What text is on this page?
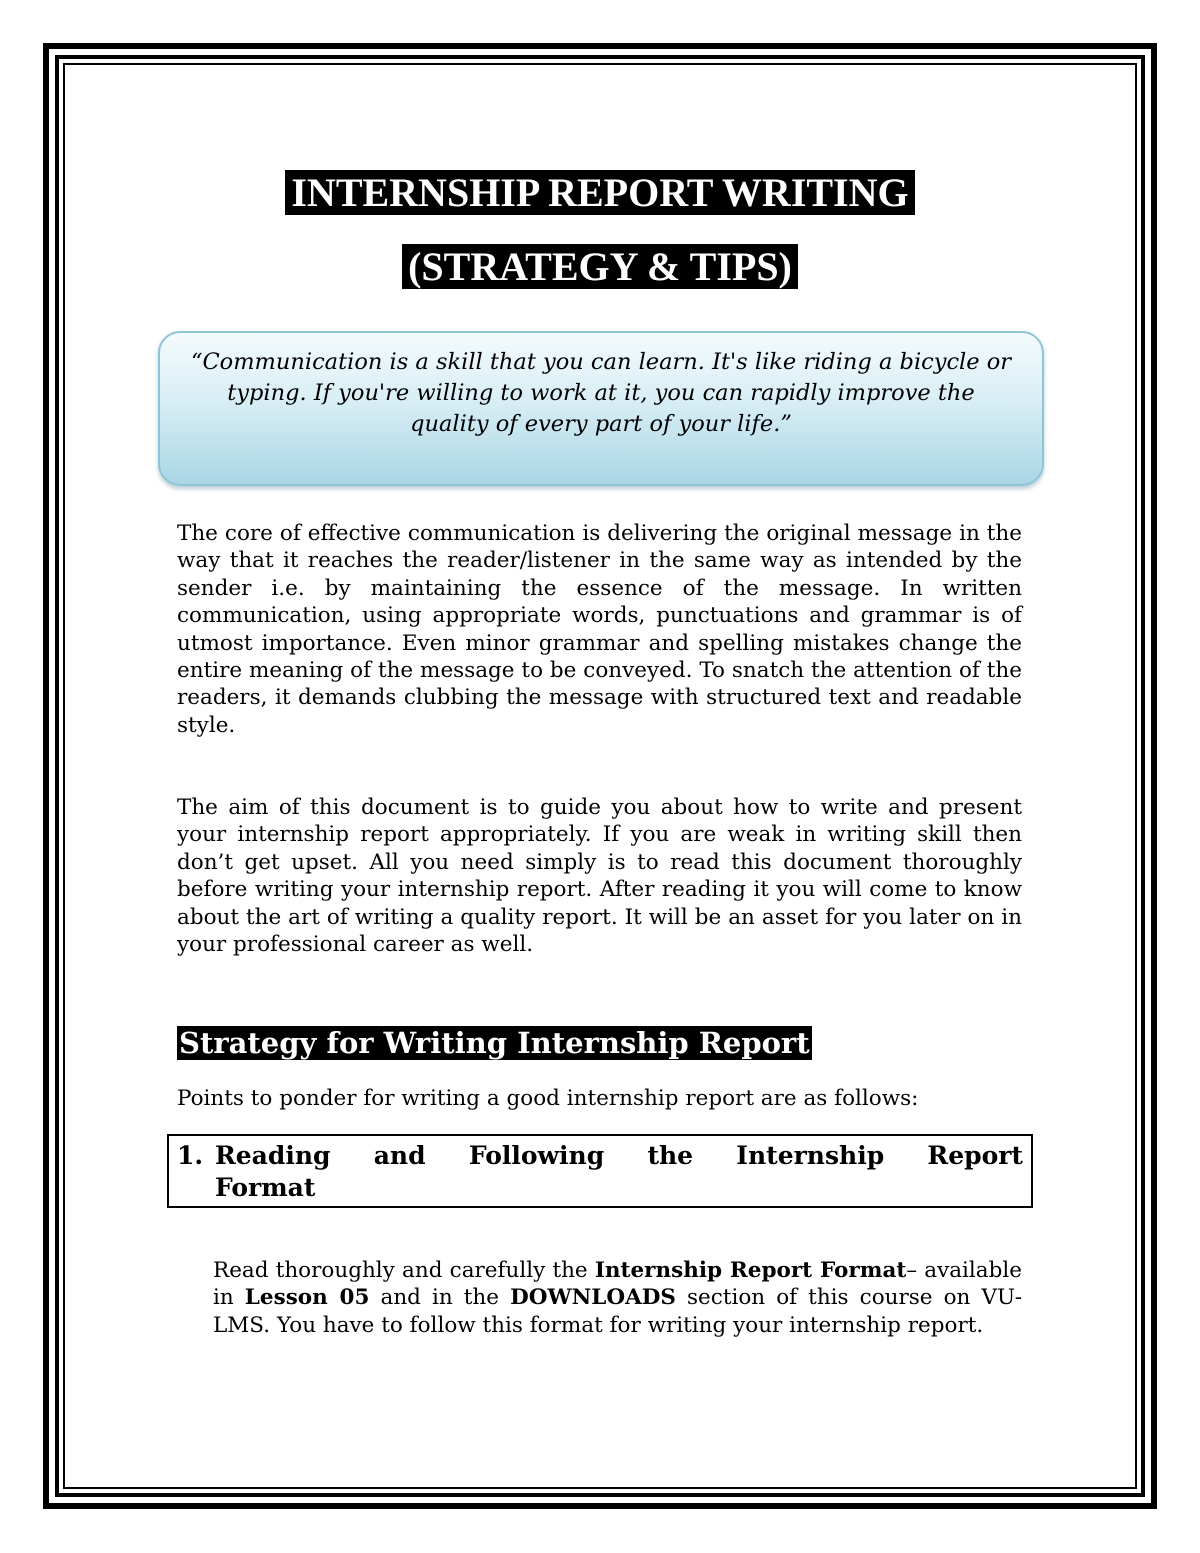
INTERNSHIP REPORT WRITING
(STRATEGY & TIPS)

“Communication is a skill that you can learn. It's like riding a bicycle or typing. If you're willing to work at it, you can rapidly improve the quality of every part of your life.”

The core of effective communication is delivering the original message in the way that it reaches the reader/listener in the same way as intended by the sender i.e. by maintaining the essence of the message. In written communication, using appropriate words, punctuations and grammar is of utmost importance. Even minor grammar and spelling mistakes change the entire meaning of the message to be conveyed. To snatch the attention of the readers, it demands clubbing the message with structured text and readable style.

The aim of this document is to guide you about how to write and present your internship report appropriately. If you are weak in writing skill then don’t get upset. All you need simply is to read this document thoroughly before writing your internship report. After reading it you will come to know about the art of writing a quality report. It will be an asset for you later on in your professional career as well.

Strategy for Writing Internship Report

Points to ponder for writing a good internship report are as follows:

1. Reading and Following the Internship Report
Format

Read thoroughly and carefully the Internship Report Format– available in Lesson 05 and in the DOWNLOADS section of this course on VU-LMS. You have to follow this format for writing your internship report.
